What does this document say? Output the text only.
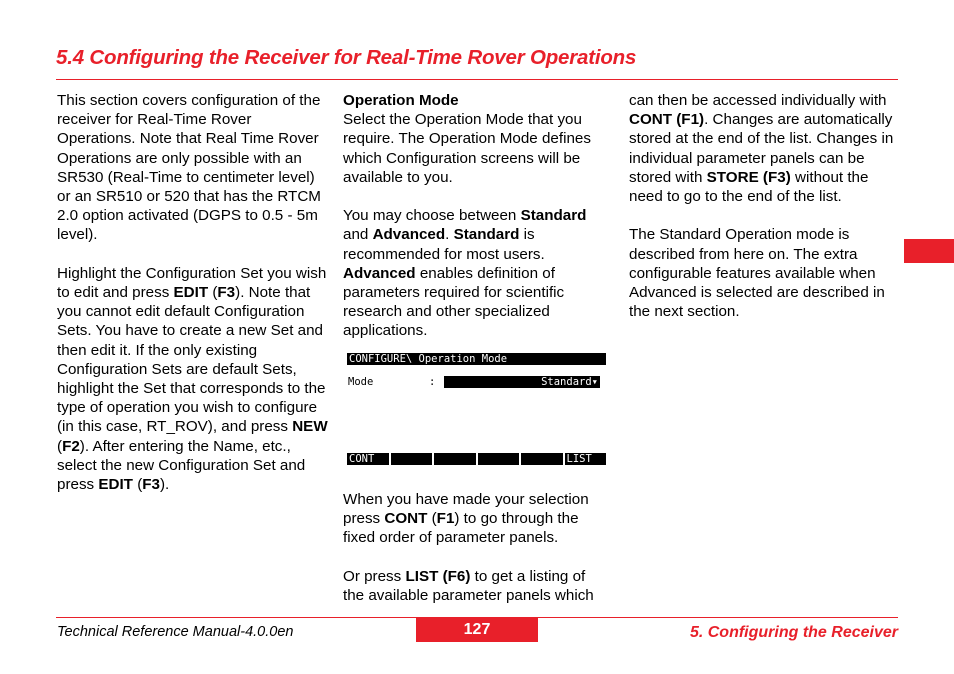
5.4 Configuring the Receiver for Real-Time Rover Operations

This section covers configuration of the receiver for Real-Time Rover Operations. Note that Real Time Rover Operations are only possible with an SR530 (Real-Time to centimeter level) or an SR510 or 520 that has the RTCM 2.0 option activated (DGPS to 0.5 - 5m level).

Highlight the Configuration Set you wish to edit and press EDIT (F3). Note that you cannot edit default Configuration Sets. You have to create a new Set and then edit it. If the only existing Configuration Sets are default Sets, highlight the Set that corresponds to the type of operation you wish to configure (in this case, RT_ROV), and press NEW (F2). After entering the Name, etc., select the new Configuration Set and press EDIT (F3).

Operation Mode

Select the Operation Mode that you require. The Operation Mode defines which Configuration screens will be available to you.

You may choose between Standard and Advanced. Standard is recommended for most users. Advanced enables definition of parameters required for scientific research and other specialized applications.

CONFIGURE\ Operation Mode
Mode	:	Standard▾
CONT	LIST

When you have made your selection press CONT (F1) to go through the fixed order of parameter panels.

Or press LIST (F6) to get a listing of the available parameter panels which

can then be accessed individually with CONT (F1). Changes are automatically stored at the end of the list. Changes in individual parameter panels can be stored with STORE (F3) without the need to go to the end of the list.

The Standard Operation mode is described from here on. The extra configurable features available when Advanced is selected are described in the next section.

Technical Reference Manual-4.0.0en	127	5. Configuring the Receiver
